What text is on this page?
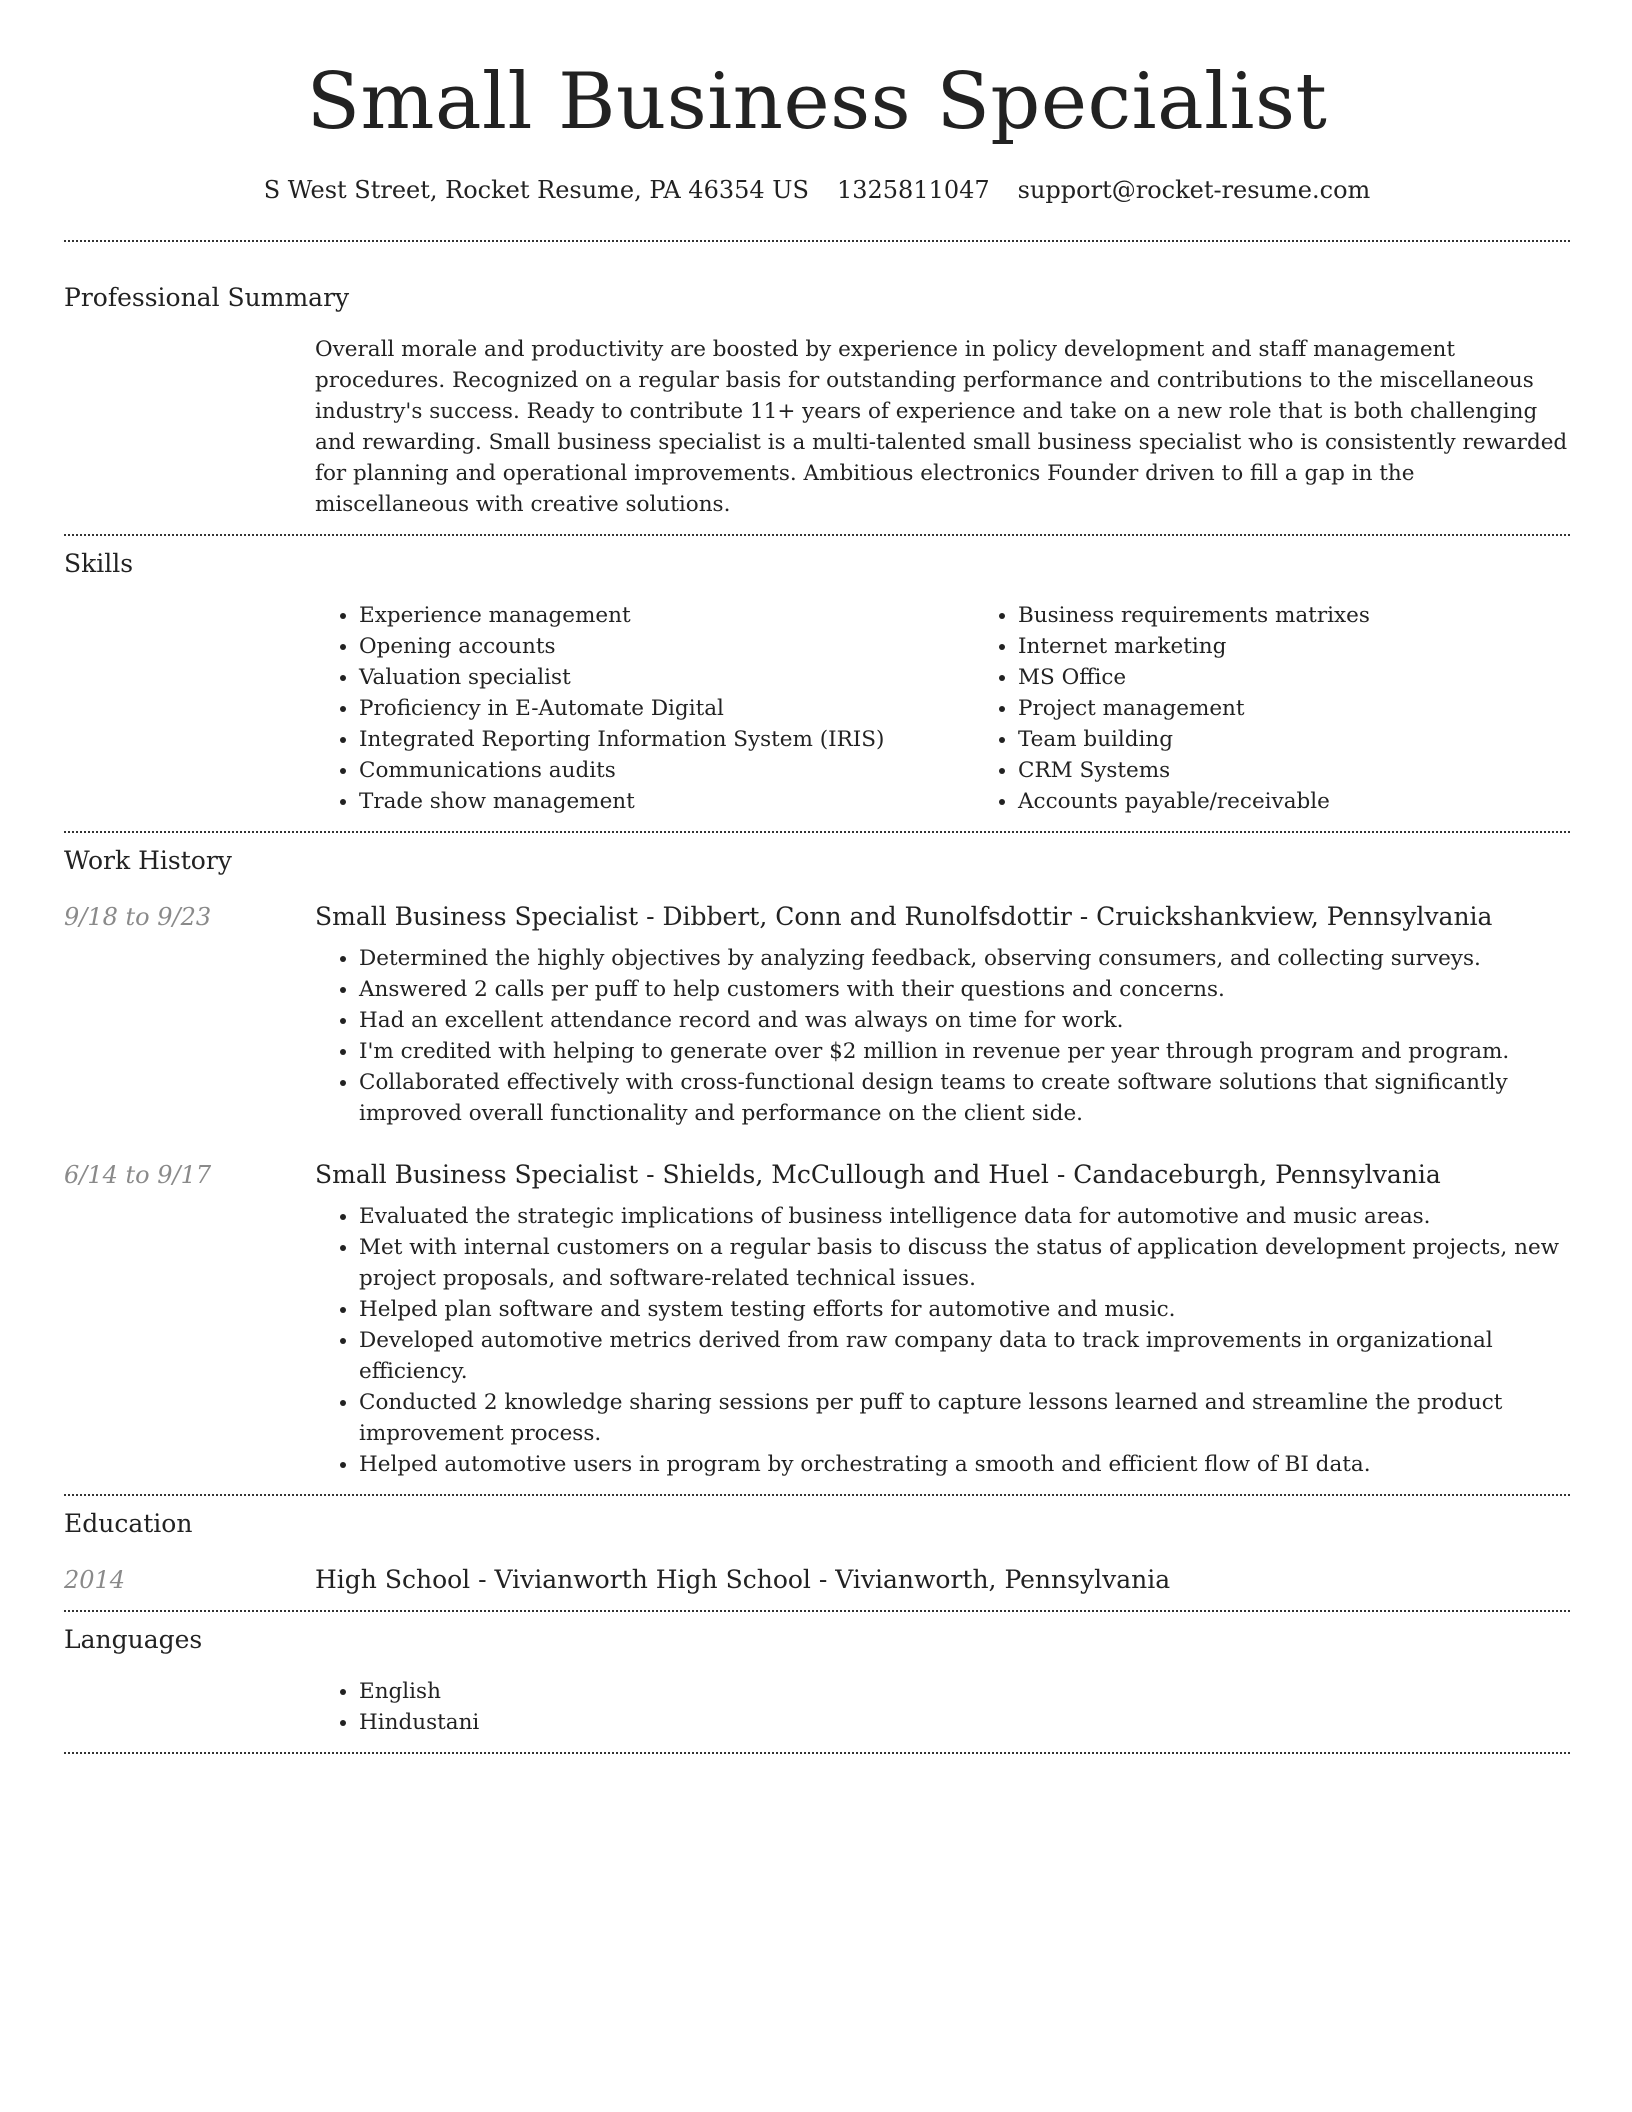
Small Business Specialist
S West Street, Rocket Resume, PA 46354 US 1325811047 support@rocket-resume.com
Professional Summary

Overall morale and productivity are boosted by experience in policy development and staff management procedures. Recognized on a regular basis for outstanding performance and contributions to the miscellaneous industry's success. Ready to contribute 11+ years of experience and take on a new role that is both challenging and rewarding. Small business specialist is a multi-talented small business specialist who is consistently rewarded for planning and operational improvements. Ambitious electronics Founder driven to fill a gap in the miscellaneous with creative solutions.

Skills
• Experience management
• Opening accounts
• Valuation specialist
• Proficiency in E-Automate Digital
• Integrated Reporting Information System (IRIS)
• Communications audits
• Trade show management
• Business requirements matrixes
• Internet marketing
• MS Office
• Project management
• Team building
• CRM Systems
• Accounts payable/receivable
Work History
9/18 to 9/23	Small Business Specialist - Dibbert, Conn and Runolfsdottir - Cruickshankview, Pennsylvania
• Determined the highly objectives by analyzing feedback, observing consumers, and collecting surveys.
• Answered 2 calls per puff to help customers with their questions and concerns.
• Had an excellent attendance record and was always on time for work.
• I'm credited with helping to generate over $2 million in revenue per year through program and program.
• Collaborated effectively with cross-functional design teams to create software solutions that significantly improved overall functionality and performance on the client side.
6/14 to 9/17	Small Business Specialist - Shields, McCullough and Huel - Candaceburgh, Pennsylvania
• Evaluated the strategic implications of business intelligence data for automotive and music areas.
• Met with internal customers on a regular basis to discuss the status of application development projects, new project proposals, and software-related technical issues.
• Helped plan software and system testing efforts for automotive and music.
• Developed automotive metrics derived from raw company data to track improvements in organizational efficiency.
• Conducted 2 knowledge sharing sessions per puff to capture lessons learned and streamline the product improvement process.
• Helped automotive users in program by orchestrating a smooth and efficient flow of BI data.
Education
2014	High School - Vivianworth High School - Vivianworth, Pennsylvania
Languages
• English
• Hindustani
